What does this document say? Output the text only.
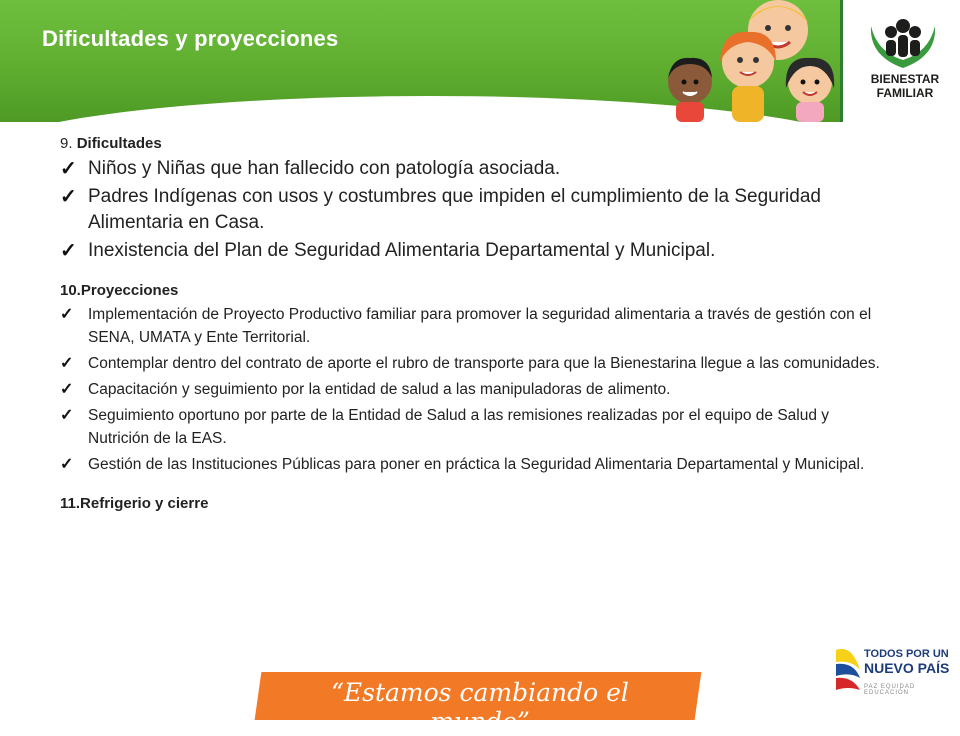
Dificultades y proyecciones
BIENESTAR
FAMILIAR
9. Dificultades
✓ Niños y Niñas que han fallecido con patología asociada.
✓ Padres Indígenas con usos y costumbres que impiden el cumplimiento de la Seguridad Alimentaria en Casa.
✓ Inexistencia del Plan de Seguridad Alimentaria Departamental y Municipal.
10.Proyecciones
✓ Implementación de Proyecto Productivo familiar para promover la seguridad alimentaria a través de gestión con el SENA, UMATA y Ente Territorial.
✓ Contemplar dentro del contrato de aporte el rubro de transporte para que la Bienestarina llegue a las comunidades.
✓ Capacitación y seguimiento por la entidad de salud a las manipuladoras de alimento.
✓ Seguimiento oportuno por parte de la Entidad de Salud a las remisiones realizadas por el equipo de Salud y Nutrición de la EAS.
✓ Gestión de las Instituciones Públicas para poner en práctica la Seguridad Alimentaria Departamental y Municipal.
11.Refrigerio y cierre
“Estamos cambiando el mundo”
TODOS POR UN
NUEVO PAÍS
PAZ EQUIDAD EDUCACIÓN
